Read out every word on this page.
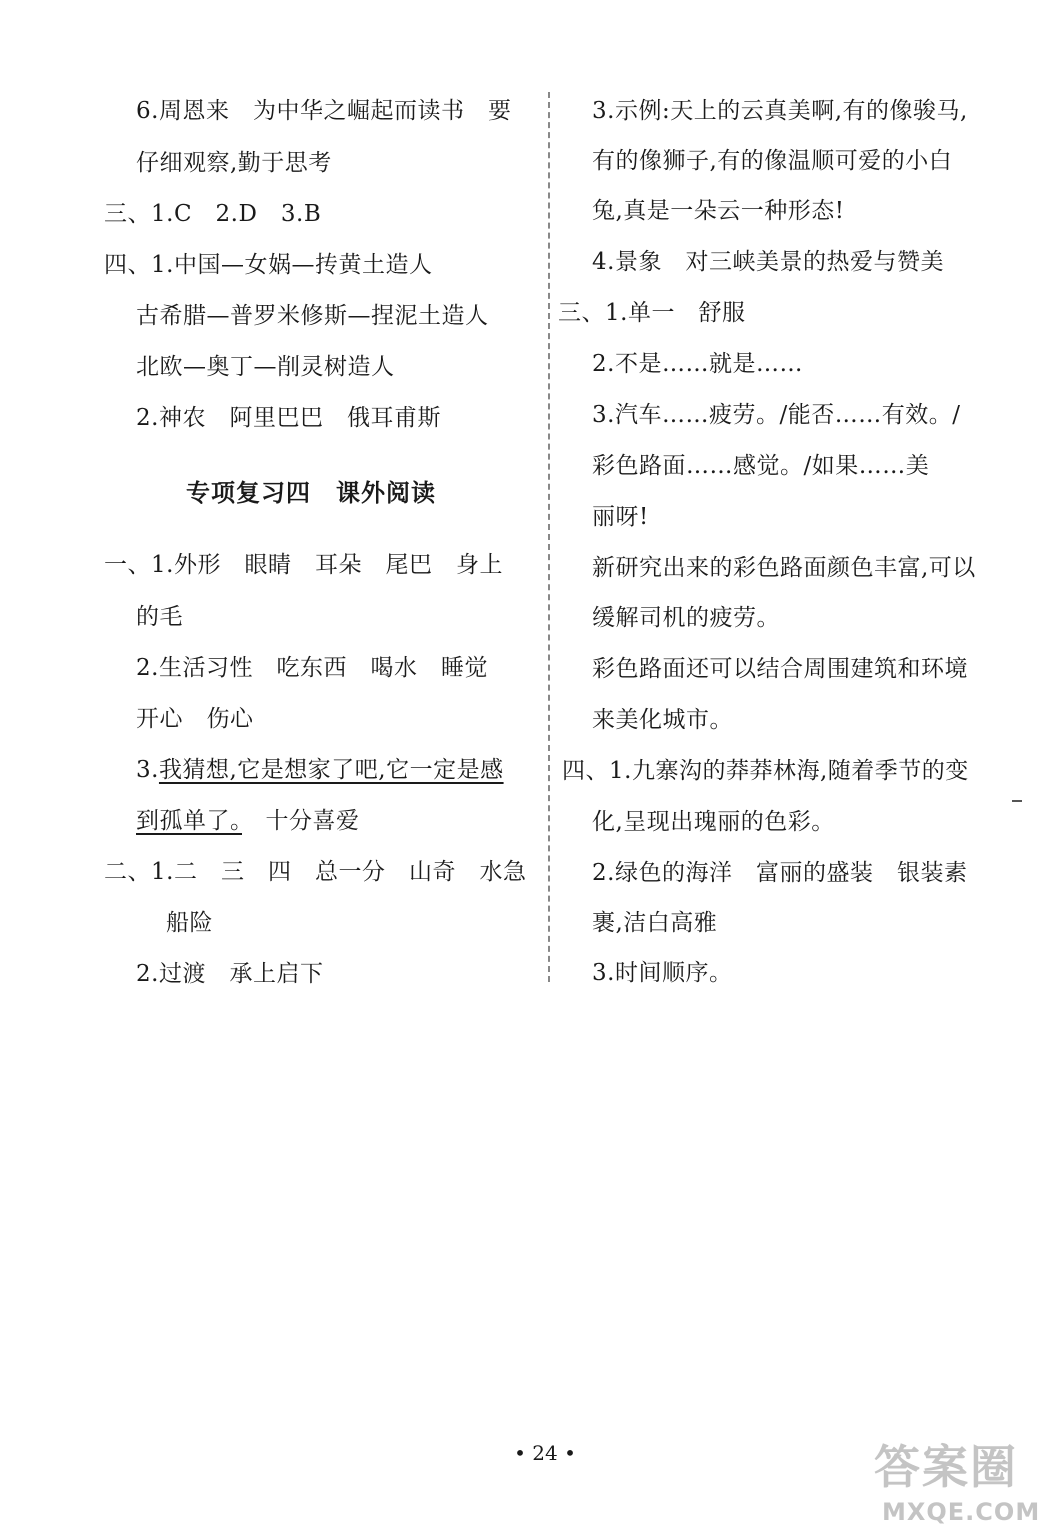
6.周恩来　为中华之崛起而读书　要
仔细观察,勤于思考
三、1.C　2.D　3.B
四、1.中国—女娲—抟黄土造人
古希腊—普罗米修斯—捏泥土造人
北欧—奥丁—削灵树造人
2.神农　阿里巴巴　俄耳甫斯
专项复习四　课外阅读
一、1.外形　眼睛　耳朵　尾巴　身上
的毛
2.生活习性　吃东西　喝水　睡觉
开心　伤心
3.我猜想,它是想家了吧,它一定是感
到孤单了。　十分喜爱
二、1.二　三　四　总一分　山奇　水急
船险
2.过渡　承上启下
3.示例:天上的云真美啊,有的像骏马,
有的像狮子,有的像温顺可爱的小白
兔,真是一朵云一种形态!
4.景象　对三峡美景的热爱与赞美
三、1.单一　舒服
2.不是……就是……
3.汽车……疲劳。/能否……有效。/
彩色路面……感觉。/如果……美
丽呀!
新研究出来的彩色路面颜色丰富,可以
缓解司机的疲劳。
彩色路面还可以结合周围建筑和环境
来美化城市。
四、1.九寨沟的莽莽林海,随着季节的变
化,呈现出瑰丽的色彩。
2.绿色的海洋　富丽的盛装　银装素
裹,洁白高雅
3.时间顺序。
• 24 •	答案圈
MXQE.COM
